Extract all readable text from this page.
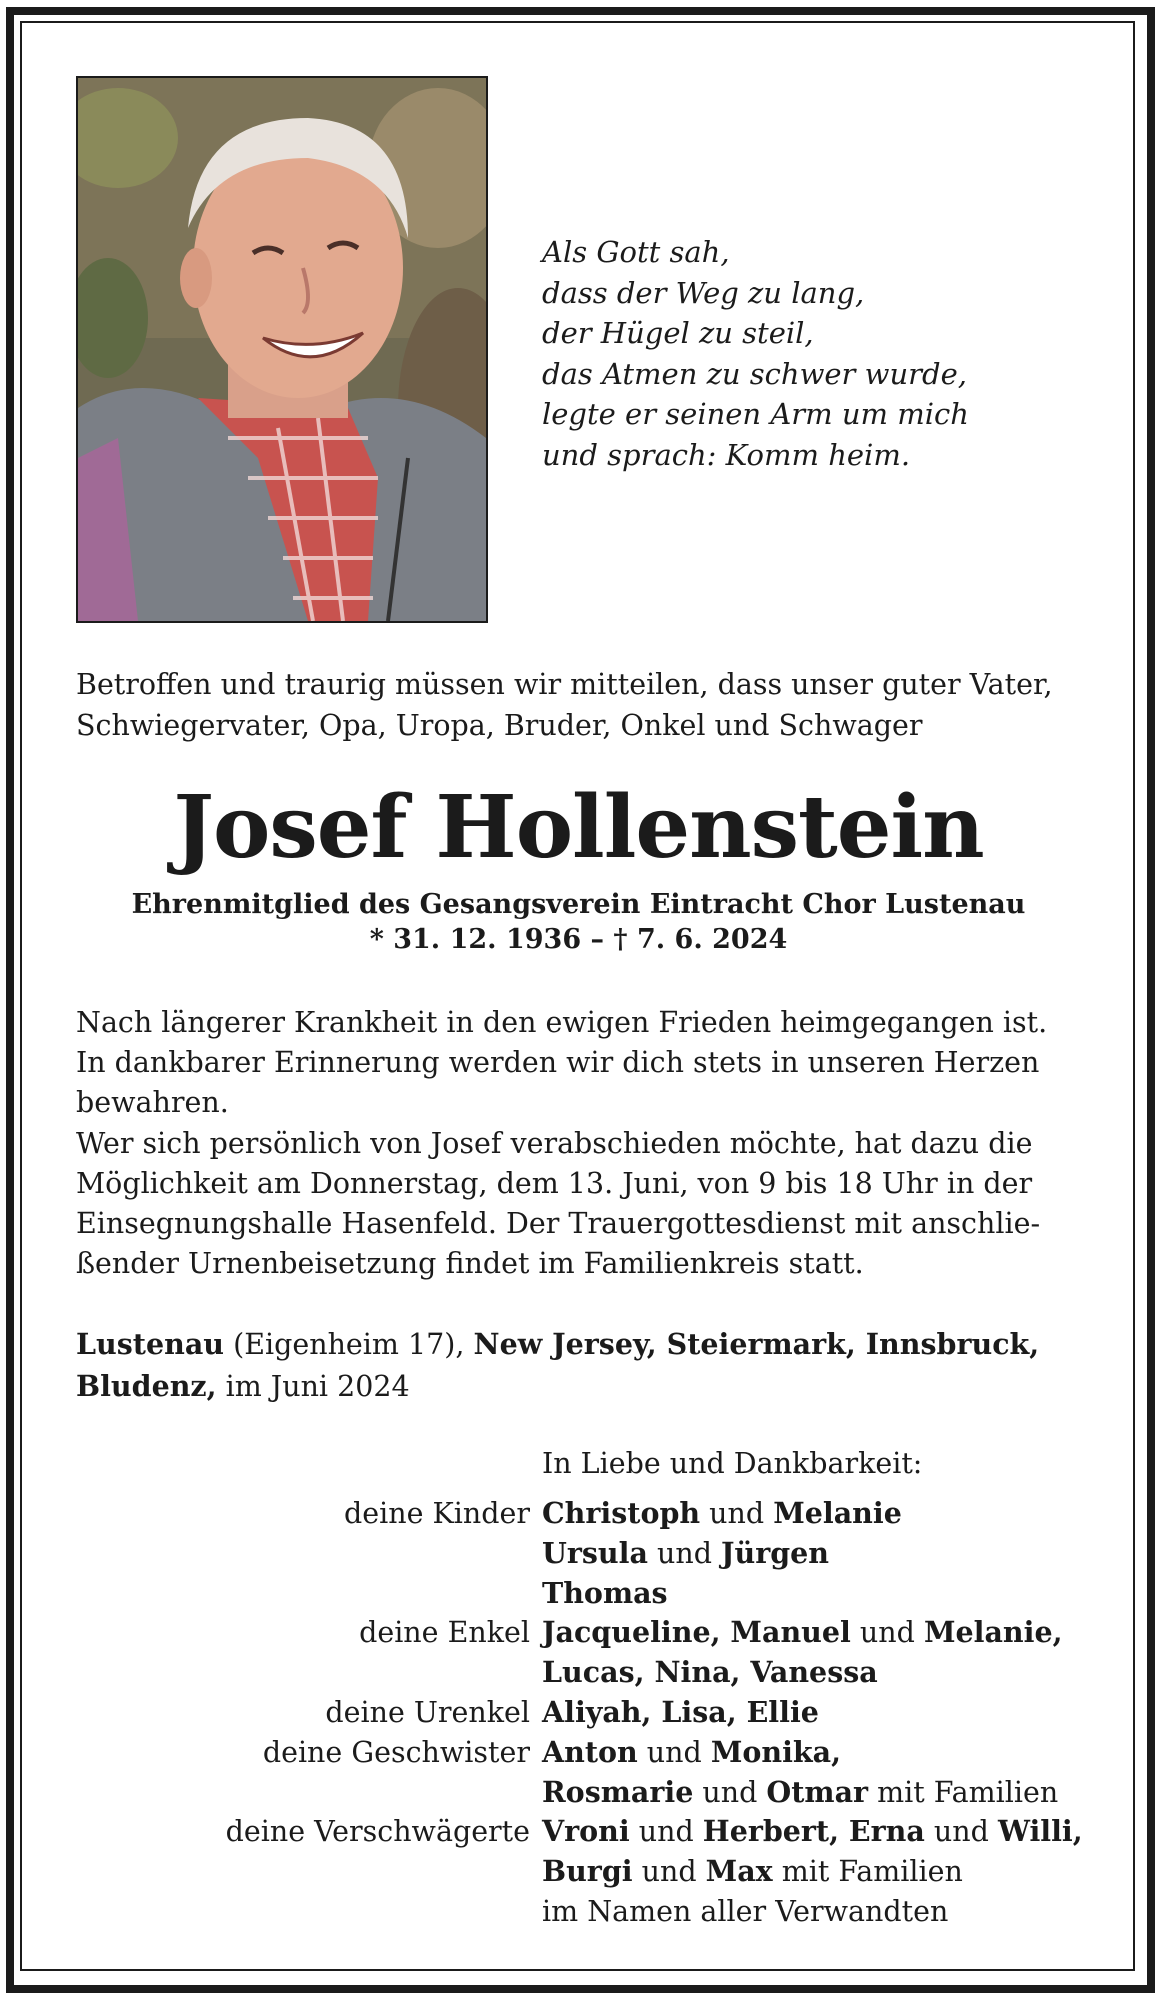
Als Gott sah,
dass der Weg zu lang,
der Hügel zu steil,
das Atmen zu schwer wurde,
legte er seinen Arm um mich
und sprach: Komm heim.
Betroffen und traurig müssen wir mitteilen, dass unser guter Vater,
Schwiegervater, Opa, Uropa, Bruder, Onkel und Schwager
Josef Hollenstein
Ehrenmitglied des Gesangsverein Eintracht Chor Lustenau
* 31. 12. 1936 – † 7. 6. 2024
Nach längerer Krankheit in den ewigen Frieden heimgegangen ist.
In dankbarer Erinnerung werden wir dich stets in unseren Herzen
bewahren.
Wer sich persönlich von Josef verabschieden möchte, hat dazu die
Möglichkeit am Donnerstag, dem 13. Juni, von 9 bis 18 Uhr in der
Einsegnungshalle Hasenfeld. Der Trauergottesdienst mit anschlie-
ßender Urnenbeisetzung findet im Familienkreis statt.
Lustenau (Eigenheim 17), New Jersey, Steiermark, Innsbruck,
Bludenz, im Juni 2024
In Liebe und Dankbarkeit:
deine Kinder Christoph und Melanie
Ursula und Jürgen
Thomas
deine Enkel Jacqueline, Manuel und Melanie,
Lucas, Nina, Vanessa
deine Urenkel Aliyah, Lisa, Ellie
deine Geschwister Anton und Monika,
Rosmarie und Otmar mit Familien
deine Verschwägerte Vroni und Herbert, Erna und Willi,
Burgi und Max mit Familien
im Namen aller Verwandten
